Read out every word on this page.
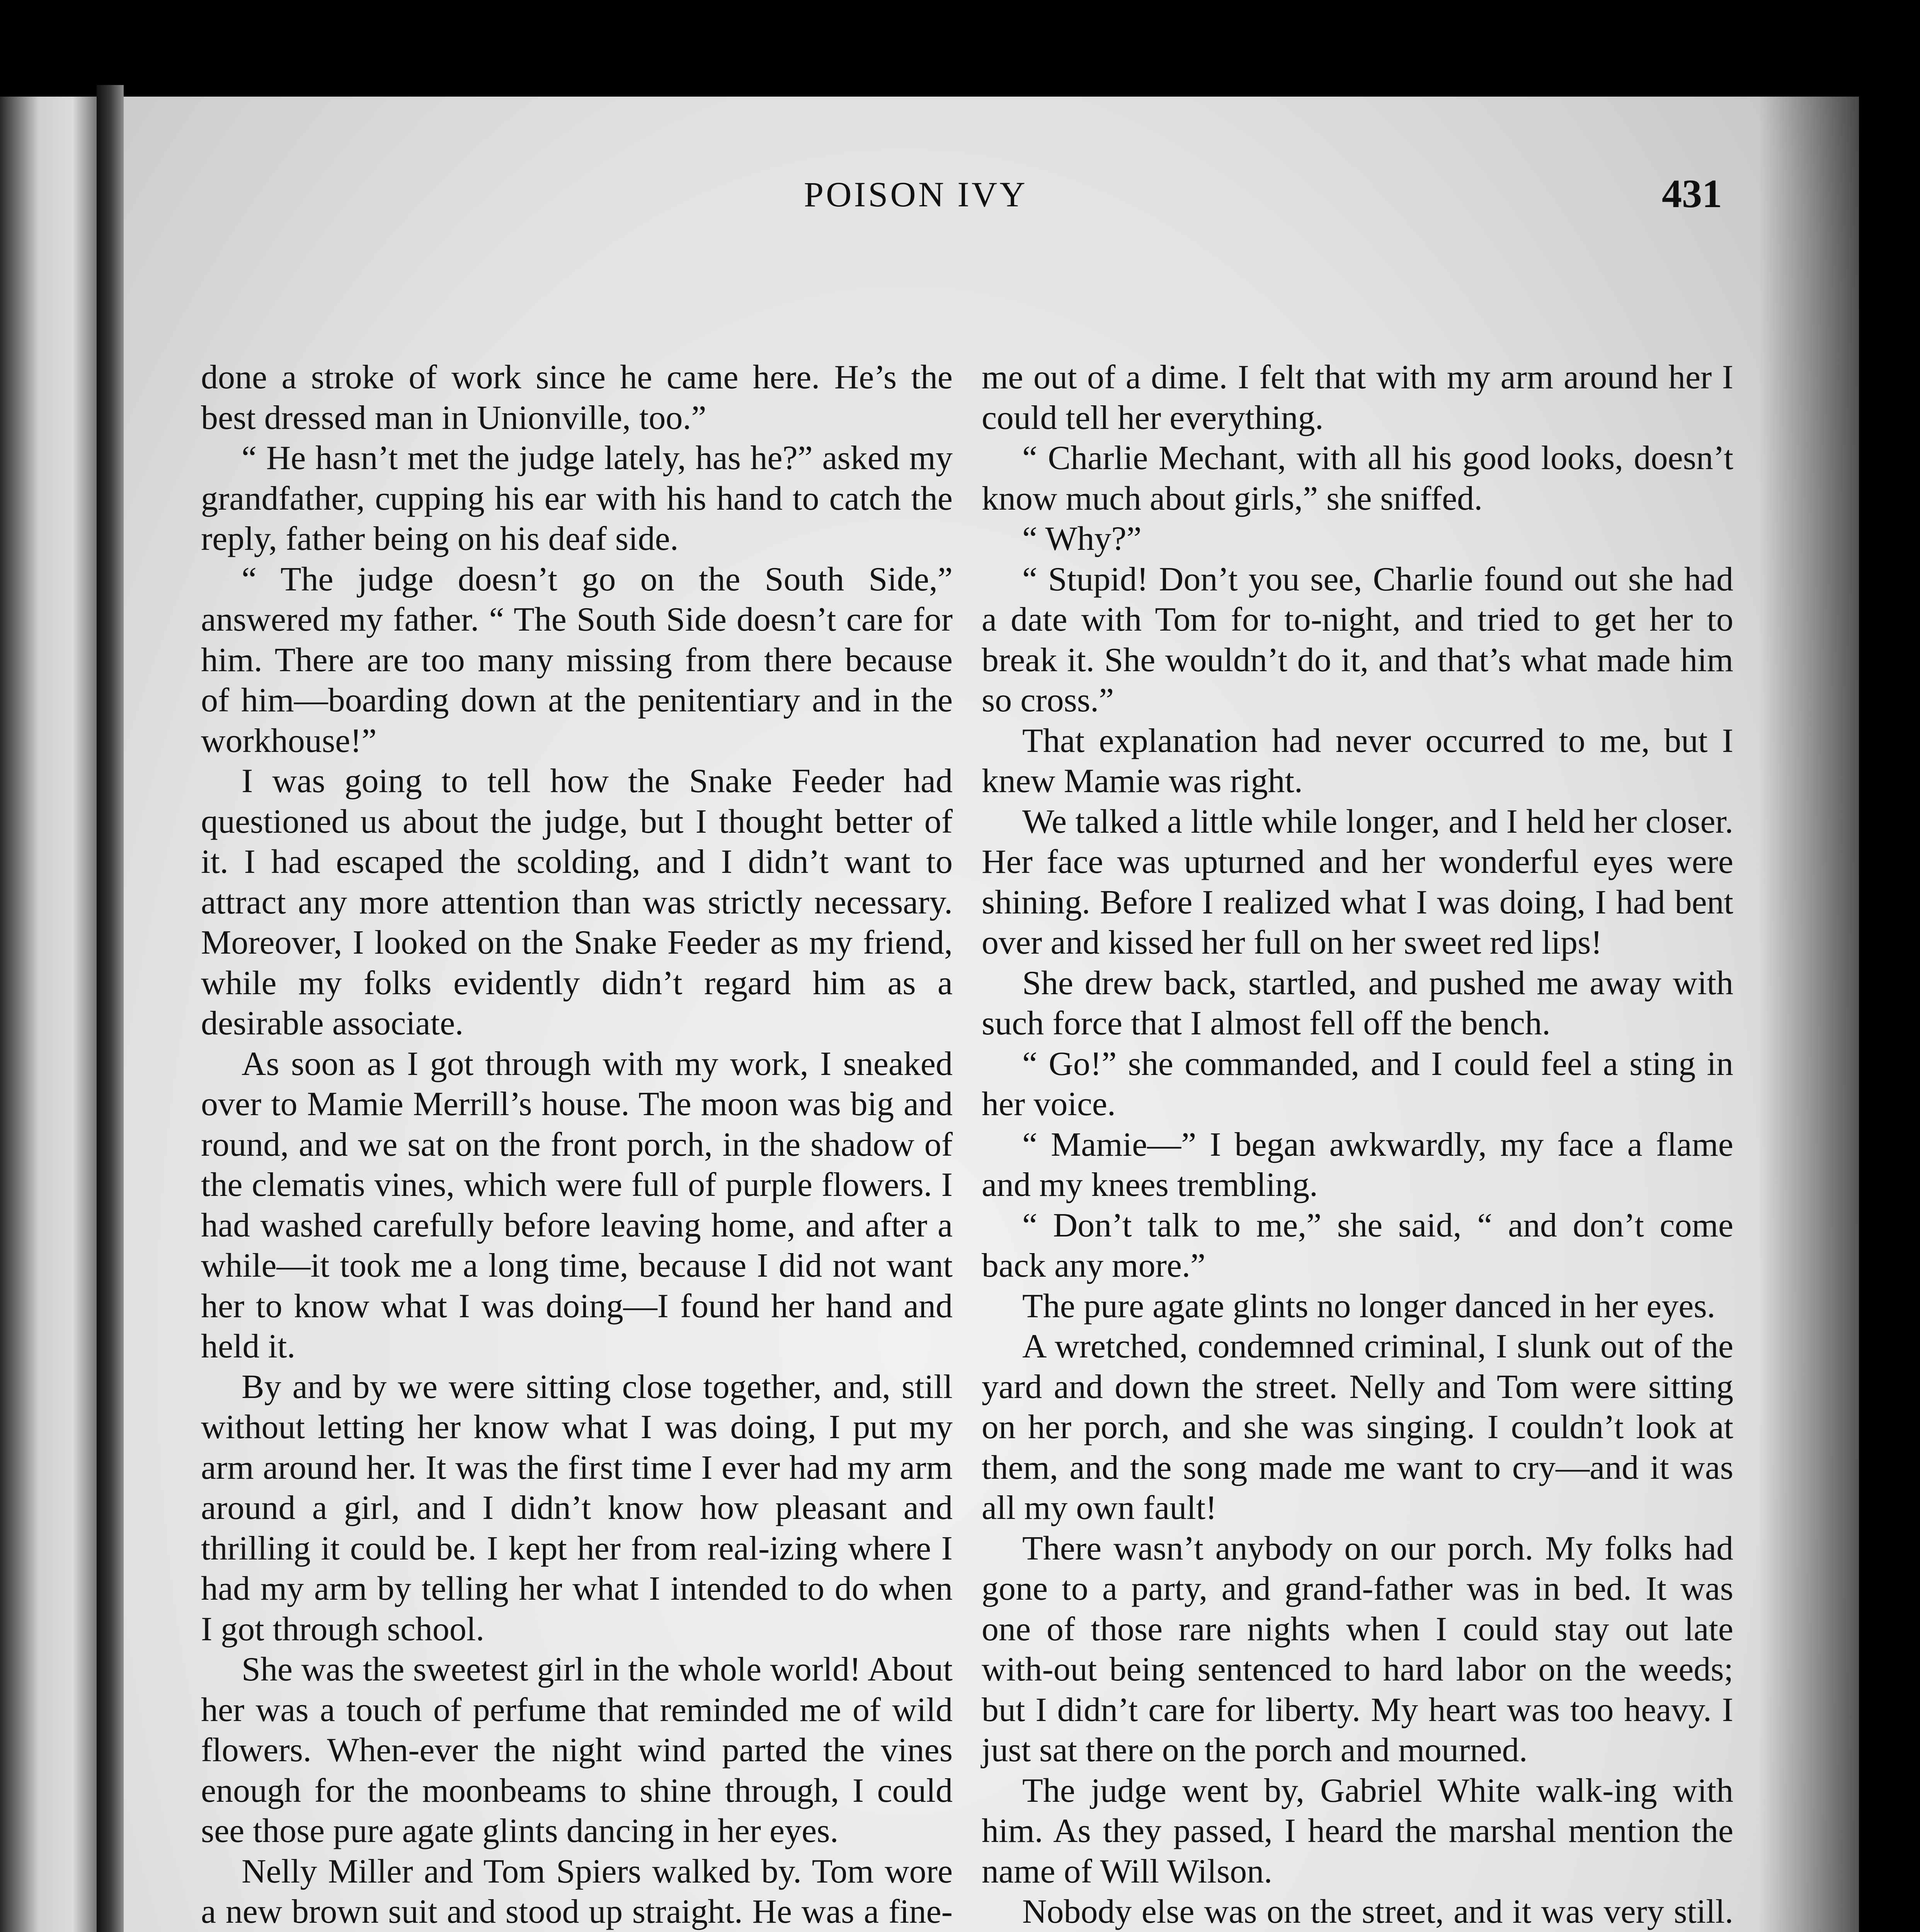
POISON IVY	431

done a stroke of work since he came here. He’s the best dressed man in Unionville, too.”

“ He hasn’t met the judge lately, has he?” asked my grandfather, cupping his ear with his hand to catch the reply, father being on his deaf side.

“ The judge doesn’t go on the South Side,” answered my father. “ The South Side doesn’t care for him. There are too many missing from there because of him—boarding down at the penitentiary and in the workhouse!”

I was going to tell how the Snake Feeder had questioned us about the judge, but I thought better of it. I had escaped the scolding, and I didn’t want to attract any more attention than was strictly necessary. Moreover, I looked on the Snake Feeder as my friend, while my folks evidently didn’t regard him as a desirable associate.

As soon as I got through with my work, I sneaked over to Mamie Merrill’s house. The moon was big and round, and we sat on the front porch, in the shadow of the clematis vines, which were full of purple flowers. I had washed carefully before leaving home, and after a while—it took me a long time, because I did not want her to know what I was doing—I found her hand and held it.

By and by we were sitting close together, and, still without letting her know what I was doing, I put my arm around her. It was the first time I ever had my arm around a girl, and I didn’t know how pleasant and thrilling it could be. I kept her from real-izing where I had my arm by telling her what I intended to do when I got through school.

She was the sweetest girl in the whole world! About her was a touch of perfume that reminded me of wild flowers. When-ever the night wind parted the vines enough for the moonbeams to shine through, I could see those pure agate glints dancing in her eyes.

Nelly Miller and Tom Spiers walked by. Tom wore a new brown suit and stood up straight. He was a fine-

me out of a dime. I felt that with my arm around her I could tell her everything.

“ Charlie Mechant, with all his good looks, doesn’t know much about girls,” she sniffed.

“ Why?”

“ Stupid! Don’t you see, Charlie found out she had a date with Tom for to-night, and tried to get her to break it. She wouldn’t do it, and that’s what made him so cross.”

That explanation had never occurred to me, but I knew Mamie was right.

We talked a little while longer, and I held her closer. Her face was upturned and her wonderful eyes were shining. Before I realized what I was doing, I had bent over and kissed her full on her sweet red lips!

She drew back, startled, and pushed me away with such force that I almost fell off the bench.

“ Go!” she commanded, and I could feel a sting in her voice.

“ Mamie—” I began awkwardly, my face a flame and my knees trembling.

“ Don’t talk to me,” she said, “ and don’t come back any more.”

The pure agate glints no longer danced in her eyes.

A wretched, condemned criminal, I slunk out of the yard and down the street. Nelly and Tom were sitting on her porch, and she was singing. I couldn’t look at them, and the song made me want to cry—and it was all my own fault!

There wasn’t anybody on our porch. My folks had gone to a party, and grand-father was in bed. It was one of those rare nights when I could stay out late with-out being sentenced to hard labor on the weeds; but I didn’t care for liberty. My heart was too heavy. I just sat there on the porch and mourned.

The judge went by, Gabriel White walk-ing with him. As they passed, I heard the marshal mention the name of Will Wilson.

Nobody else was on the street, and it was very still.
